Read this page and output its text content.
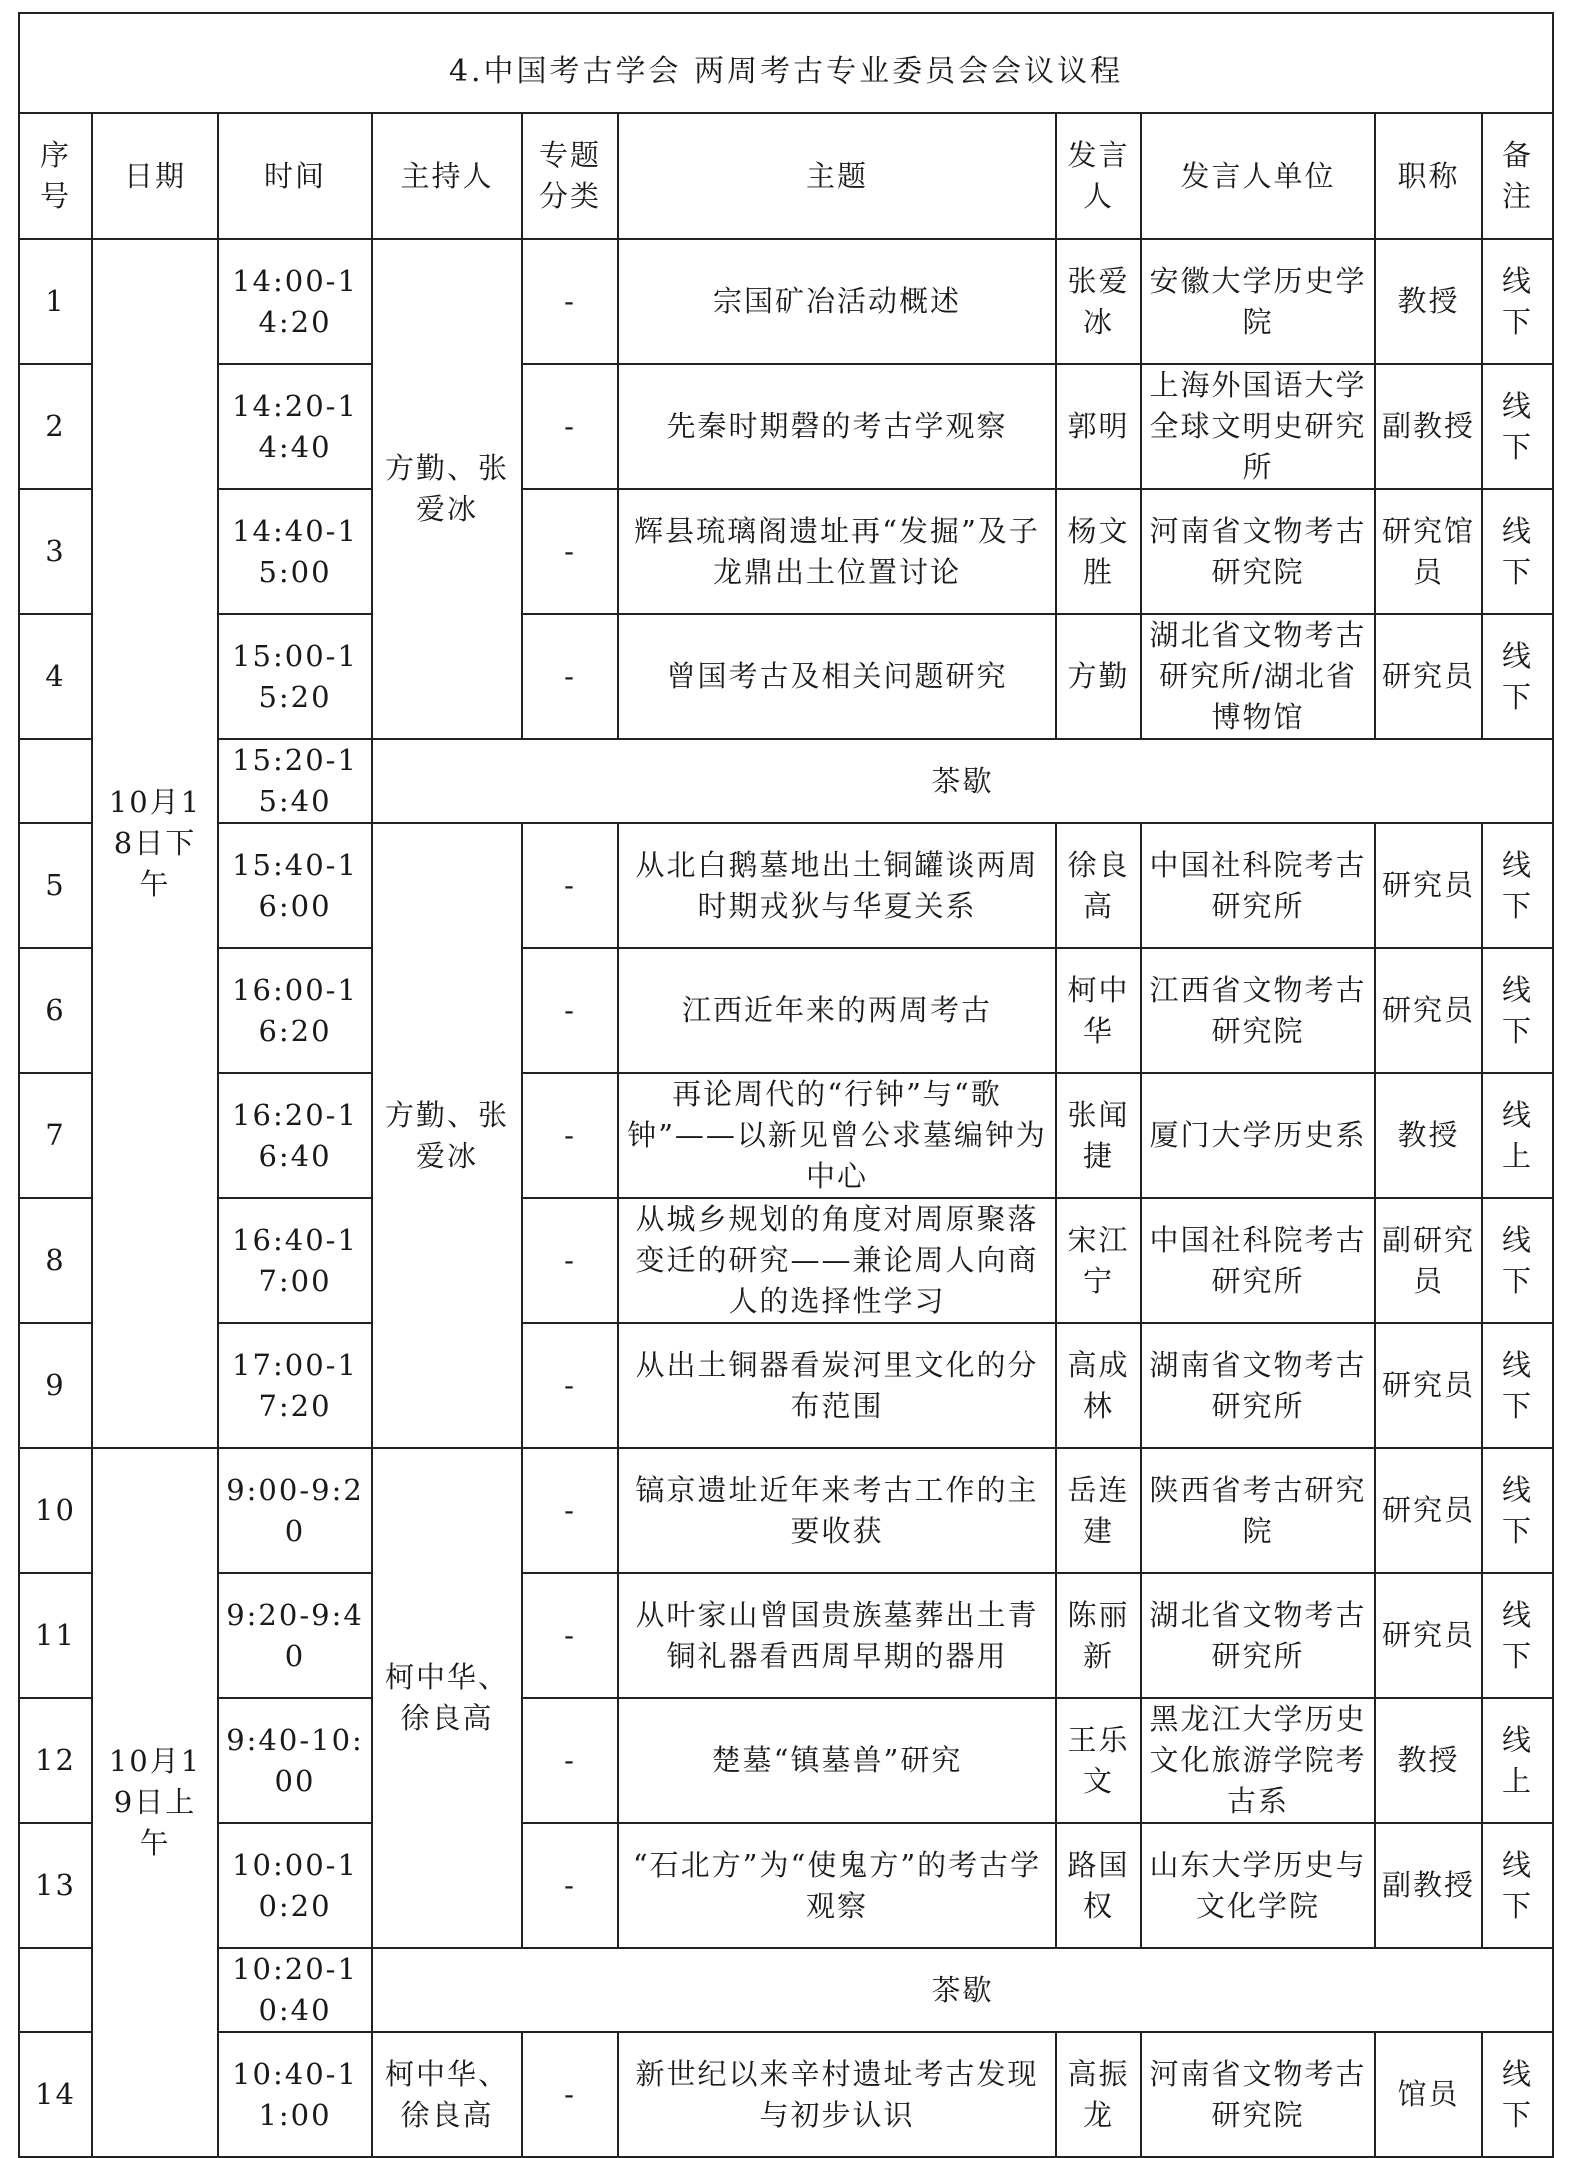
4.中国考古学会 两周考古专业委员会会议议程									
序号	日期	时间	主持人	专题分类	主题	发言人	发言人单位	职称	备注
1	10月18日下午	14:00-14:20	方勤、张爱冰	-	宗国矿冶活动概述	张爱冰	安徽大学历史学院	教授	线下
2		14:20-14:40		-	先秦时期磬的考古学观察	郭明	上海外国语大学全球文明史研究所	副教授	线下
3		14:40-15:00		-	辉县琉璃阁遗址再“发掘”及子龙鼎出土位置讨论	杨文胜	河南省文物考古研究院	研究馆员	线下
4		15:00-15:20		-	曾国考古及相关问题研究	方勤	湖北省文物考古研究所/湖北省博物馆	研究员	线下
		15:20-15:40	茶歇						
5		15:40-16:00	方勤、张爱冰	-	从北白鹅墓地出土铜罐谈两周时期戎狄与华夏关系	徐良高	中国社科院考古研究所	研究员	线下
6		16:00-16:20		-	江西近年来的两周考古	柯中华	江西省文物考古研究院	研究员	线下
7		16:20-16:40		-	再论周代的“行钟”与“歌钟”——以新见曾公求墓编钟为中心	张闻捷	厦门大学历史系	教授	线上
8		16:40-17:00		-	从城乡规划的角度对周原聚落变迁的研究——兼论周人向商人的选择性学习	宋江宁	中国社科院考古研究所	副研究员	线下
9		17:00-17:20		-	从出土铜器看炭河里文化的分布范围	高成林	湖南省文物考古研究所	研究员	线下
10	10月19日上午	9:00-9:20	柯中华、徐良高	-	镐京遗址近年来考古工作的主要收获	岳连建	陕西省考古研究院	研究员	线下
11		9:20-9:40		-	从叶家山曾国贵族墓葬出土青铜礼器看西周早期的器用	陈丽新	湖北省文物考古研究所	研究员	线下
12		9:40-10:00		-	楚墓“镇墓兽”研究	王乐文	黑龙江大学历史文化旅游学院考古系	教授	线上
13		10:00-10:20		-	“石北方”为“使鬼方”的考古学观察	路国权	山东大学历史与文化学院	副教授	线下
		10:20-10:40	茶歇						
14		10:40-11:00	柯中华、徐良高	-	新世纪以来辛村遗址考古发现与初步认识	高振龙	河南省文物考古研究院	馆员	线下
